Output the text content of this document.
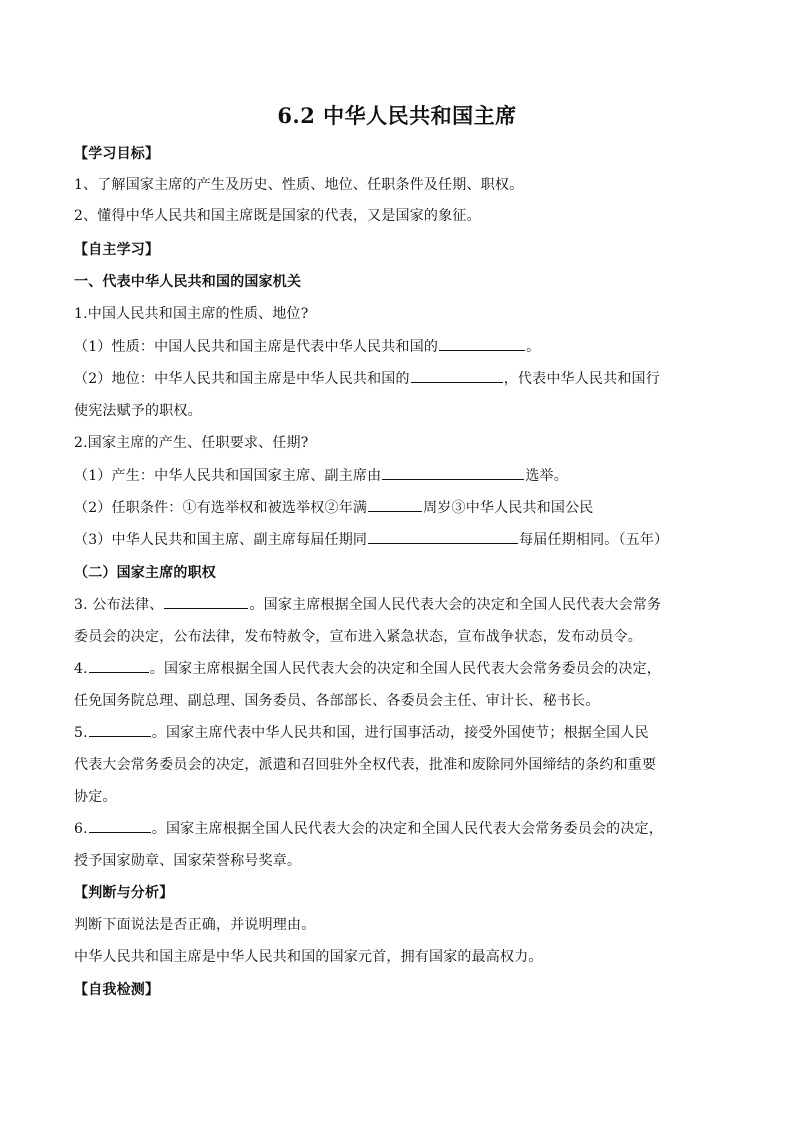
6.2 中华人民共和国主席
【学习目标】
1、了解国家主席的产生及历史、性质、地位、任职条件及任期、职权。
2、懂得中华人民共和国主席既是国家的代表，又是国家的象征。
【自主学习】
一、代表中华人民共和国的国家机关
1.中国人民共和国主席的性质、地位?
（1）性质：中国人民共和国主席是代表中华人民共和国的	。
（2）地位：中华人民共和国主席是中华人民共和国的	，代表中华人民共和国行
使宪法赋予的职权。
2.国家主席的产生、任职要求、任期?
（1）产生：中华人民共和国国家主席、副主席由	选举。
（2）任职条件：①有选举权和被选举权②年满	周岁③中华人民共和国公民
（3）中华人民共和国主席、副主席每届任期同	每届任期相同。（五年）
（二）国家主席的职权
3. 公布法律、	。国家主席根据全国人民代表大会的决定和全国人民代表大会常务
委员会的决定，公布法律，发布特赦令，宣布进入紧急状态，宣布战争状态，发布动员令。
4.	。国家主席根据全国人民代表大会的决定和全国人民代表大会常务委员会的决定，
任免国务院总理、副总理、国务委员、各部部长、各委员会主任、审计长、秘书长。
5.	。国家主席代表中华人民共和国，进行国事活动，接受外国使节；根据全国人民
代表大会常务委员会的决定，派遣和召回驻外全权代表，批准和废除同外国缔结的条约和重要
协定。
6.	。国家主席根据全国人民代表大会的决定和全国人民代表大会常务委员会的决定，
授予国家勋章、国家荣誉称号奖章。
【判断与分析】
判断下面说法是否正确，并说明理由。
中华人民共和国主席是中华人民共和国的国家元首，拥有国家的最高权力。
【自我检测】
